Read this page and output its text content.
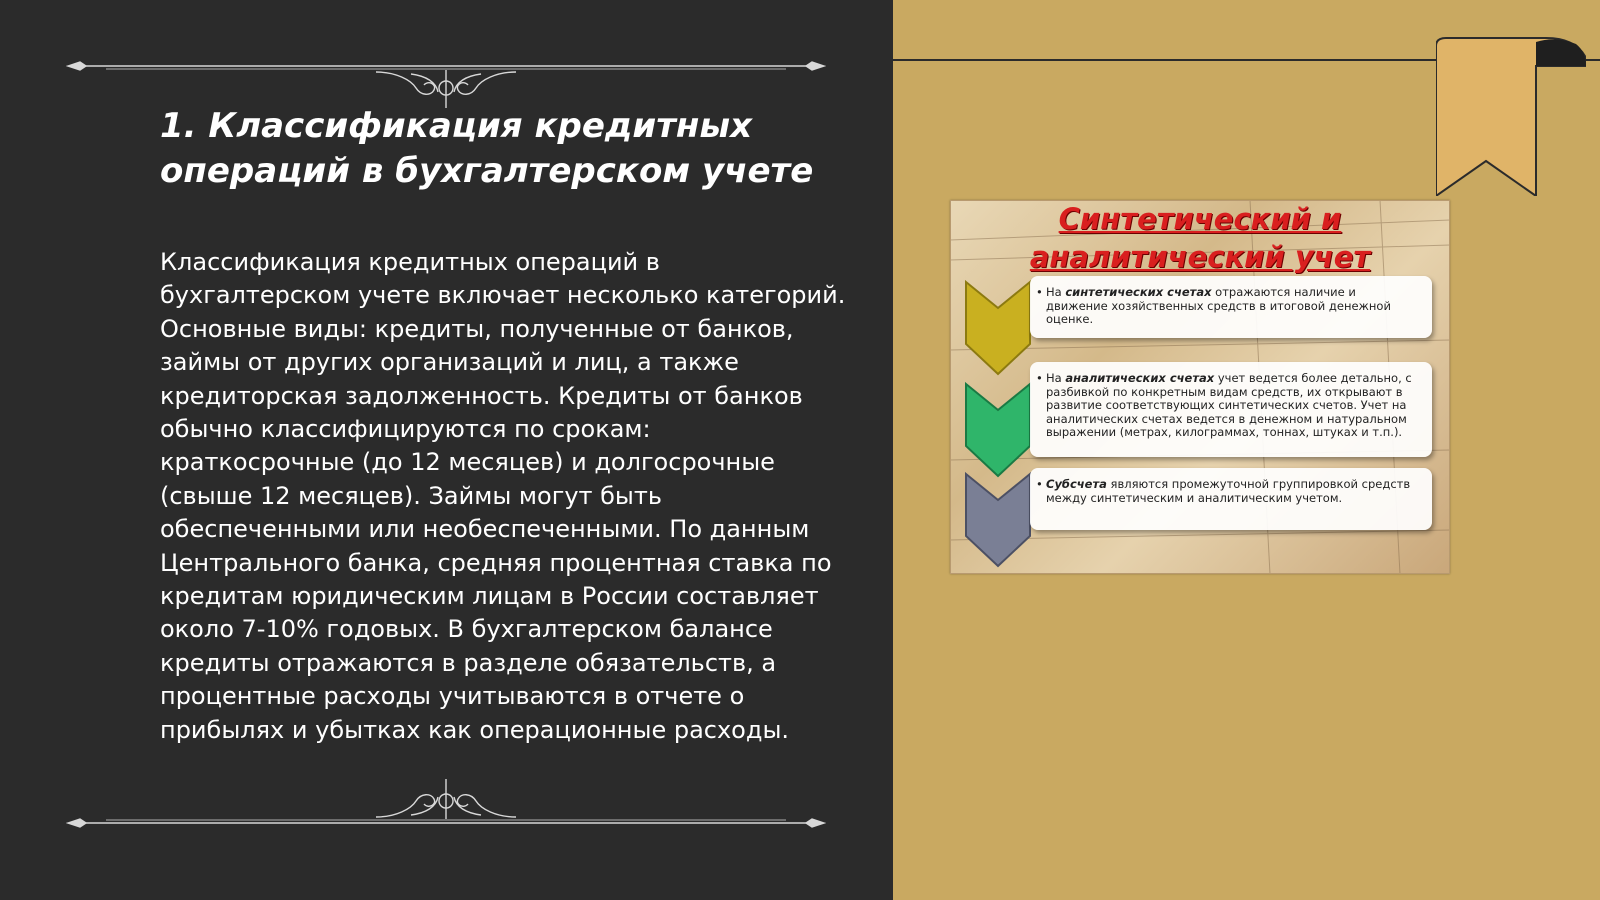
1. Классификация кредитных
операций в бухгалтерском учете

Классификация кредитных операций в бухгалтерском учете включает несколько категорий. Основные виды: кредиты, полученные от банков, займы от других организаций и лиц, а также кредиторская задолженность. Кредиты от банков обычно классифицируются по срокам: краткосрочные (до 12 месяцев) и долгосрочные (свыше 12 месяцев). Займы могут быть обеспеченными или необеспеченными. По данным Центрального банка, средняя процентная ставка по кредитам юридическим лицам в России составляет около 7-10% годовых. В бухгалтерском балансе кредиты отражаются в разделе обязательств, а процентные расходы учитываются в отчете о прибылях и убытках как операционные расходы.

Синтетический и
аналитический учет
• На синтетических счетах отражаются наличие и движение хозяйственных средств в итоговой денежной оценке.
• На аналитических счетах учет ведется более детально, с разбивкой по конкретным видам средств, их открывают в развитие соответствующих синтетических счетов. Учет на аналитических счетах ведется в денежном и натуральном выражении (метрах, килограммах, тоннах, штуках и т.п.).
• Субсчета являются промежуточной группировкой средств между синтетическим и аналитическим учетом.
